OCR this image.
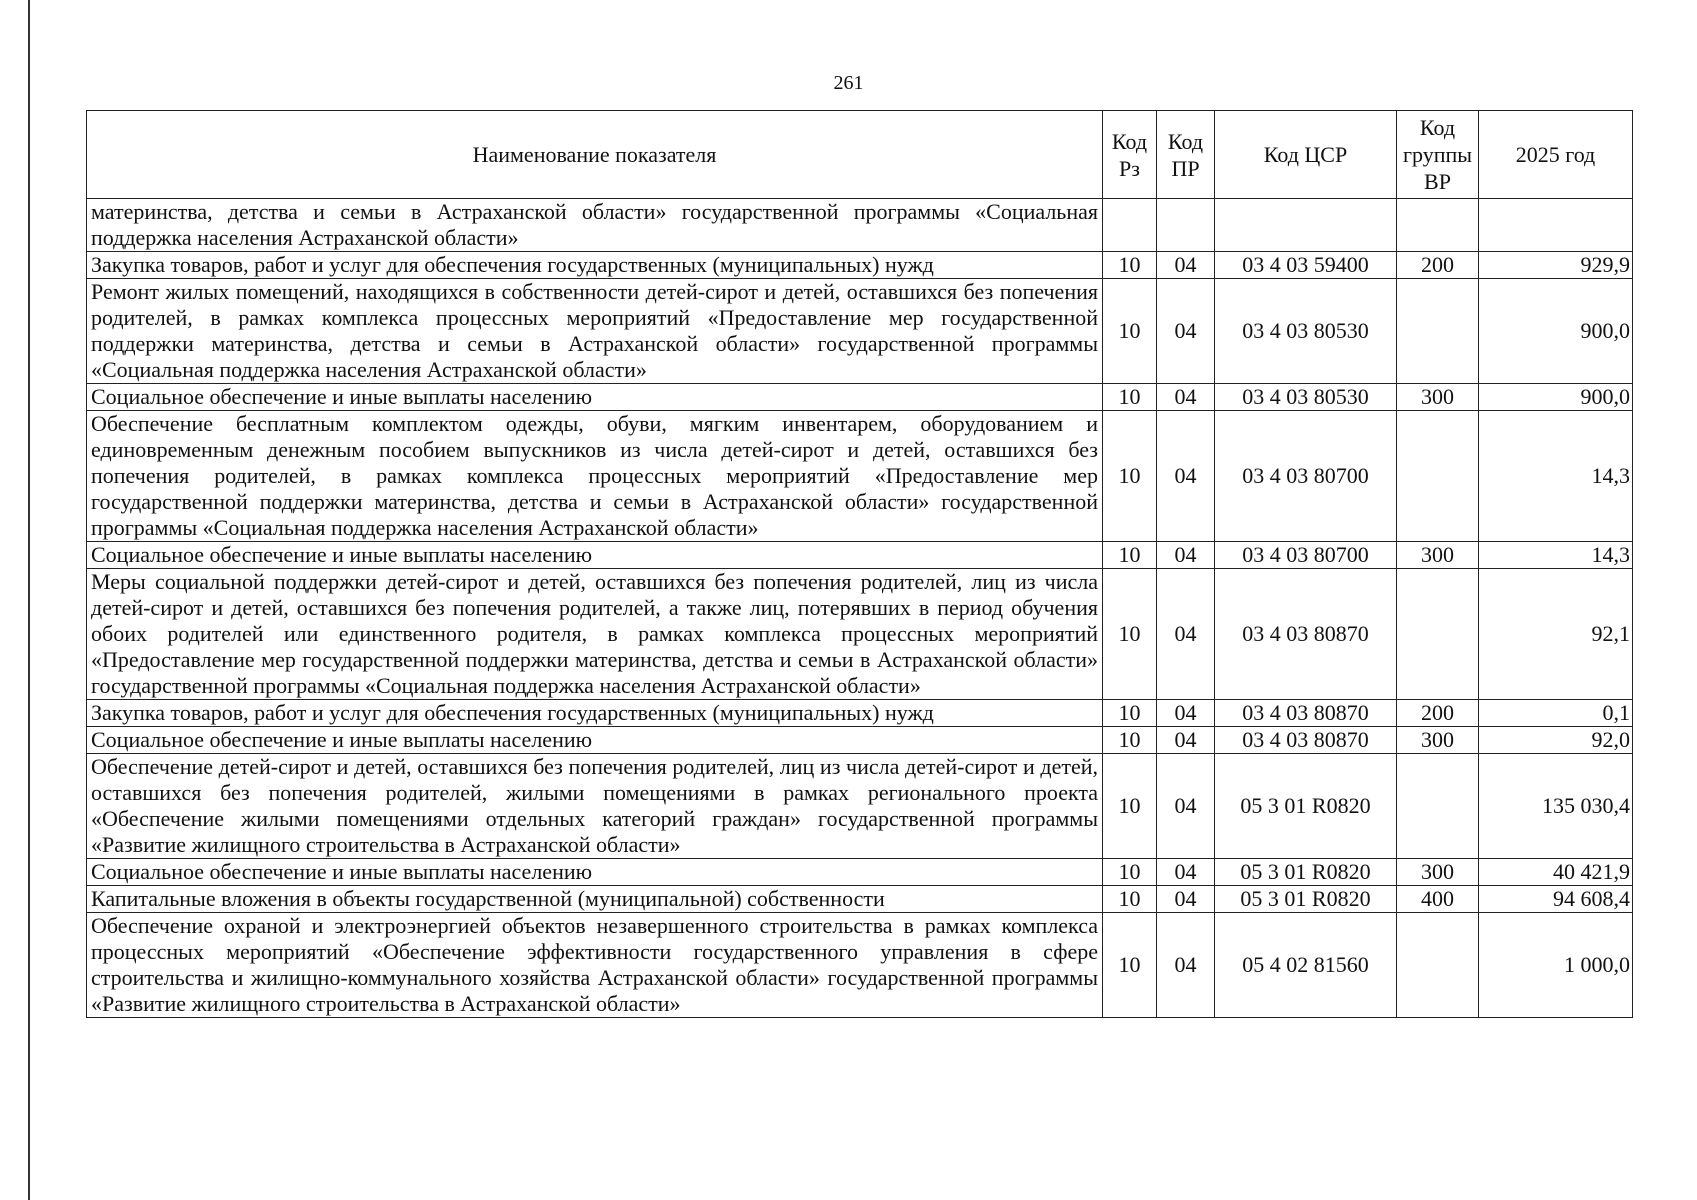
261
Наименование показателя	Код Рз	Код ПР	Код ЦСР	Код группы ВР	2025 год
материнства, детства и семьи в Астраханской области» государственной программы «Социальная поддержка населения Астраханской области»					
Закупка товаров, работ и услуг для обеспечения государственных (муниципальных) нужд	10	04	03 4 03 59400	200	929,9
Ремонт жилых помещений, находящихся в собственности детей-сирот и детей, оставшихся без попечения родителей, в рамках комплекса процессных мероприятий «Предоставление мер государственной поддержки материнства, детства и семьи в Астраханской области» государственной программы «Социальная поддержка населения Астраханской области»	10	04	03 4 03 80530		900,0
Социальное обеспечение и иные выплаты населению	10	04	03 4 03 80530	300	900,0
Обеспечение бесплатным комплектом одежды, обуви, мягким инвентарем, оборудованием и единовременным денежным пособием выпускников из числа детей-сирот и детей, оставшихся без попечения родителей, в рамках комплекса процессных мероприятий «Предоставление мер государственной поддержки материнства, детства и семьи в Астраханской области» государственной программы «Социальная поддержка населения Астраханской области»	10	04	03 4 03 80700		14,3
Социальное обеспечение и иные выплаты населению	10	04	03 4 03 80700	300	14,3
Меры социальной поддержки детей-сирот и детей, оставшихся без попечения родителей, лиц из числа детей-сирот и детей, оставшихся без попечения родителей, а также лиц, потерявших в период обучения обоих родителей или единственного родителя, в рамках комплекса процессных мероприятий «Предоставление мер государственной поддержки материнства, детства и семьи в Астраханской области» государственной программы «Социальная поддержка населения Астраханской области»	10	04	03 4 03 80870		92,1
Закупка товаров, работ и услуг для обеспечения государственных (муниципальных) нужд	10	04	03 4 03 80870	200	0,1
Социальное обеспечение и иные выплаты населению	10	04	03 4 03 80870	300	92,0
Обеспечение детей-сирот и детей, оставшихся без попечения родителей, лиц из числа детей-сирот и детей, оставшихся без попечения родителей, жилыми помещениями в рамках регионального проекта «Обеспечение жилыми помещениями отдельных категорий граждан» государственной программы «Развитие жилищного строительства в Астраханской области»	10	04	05 3 01 R0820		135 030,4
Социальное обеспечение и иные выплаты населению	10	04	05 3 01 R0820	300	40 421,9
Капитальные вложения в объекты государственной (муниципальной) собственности	10	04	05 3 01 R0820	400	94 608,4
Обеспечение охраной и электроэнергией объектов незавершенного строительства в рамках комплекса процессных мероприятий «Обеспечение эффективности государственного управления в сфере строительства и жилищно-коммунального хозяйства Астраханской области» государственной программы «Развитие жилищного строительства в Астраханской области»	10	04	05 4 02 81560		1 000,0
